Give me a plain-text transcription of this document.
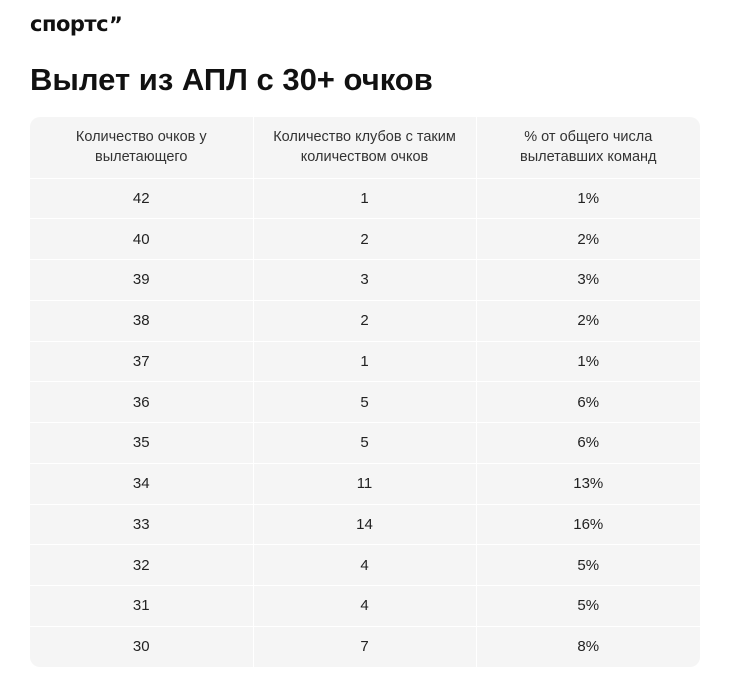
спортс ”
Вылет из АПЛ с 30+ очков
Количество очков у вылетающего	Количество клубов с таким количеством очков	% от общего числа вылетавших команд
42	1	1%
40	2	2%
39	3	3%
38	2	2%
37	1	1%
36	5	6%
35	5	6%
34	11	13%
33	14	16%
32	4	5%
31	4	5%
30	7	8%
